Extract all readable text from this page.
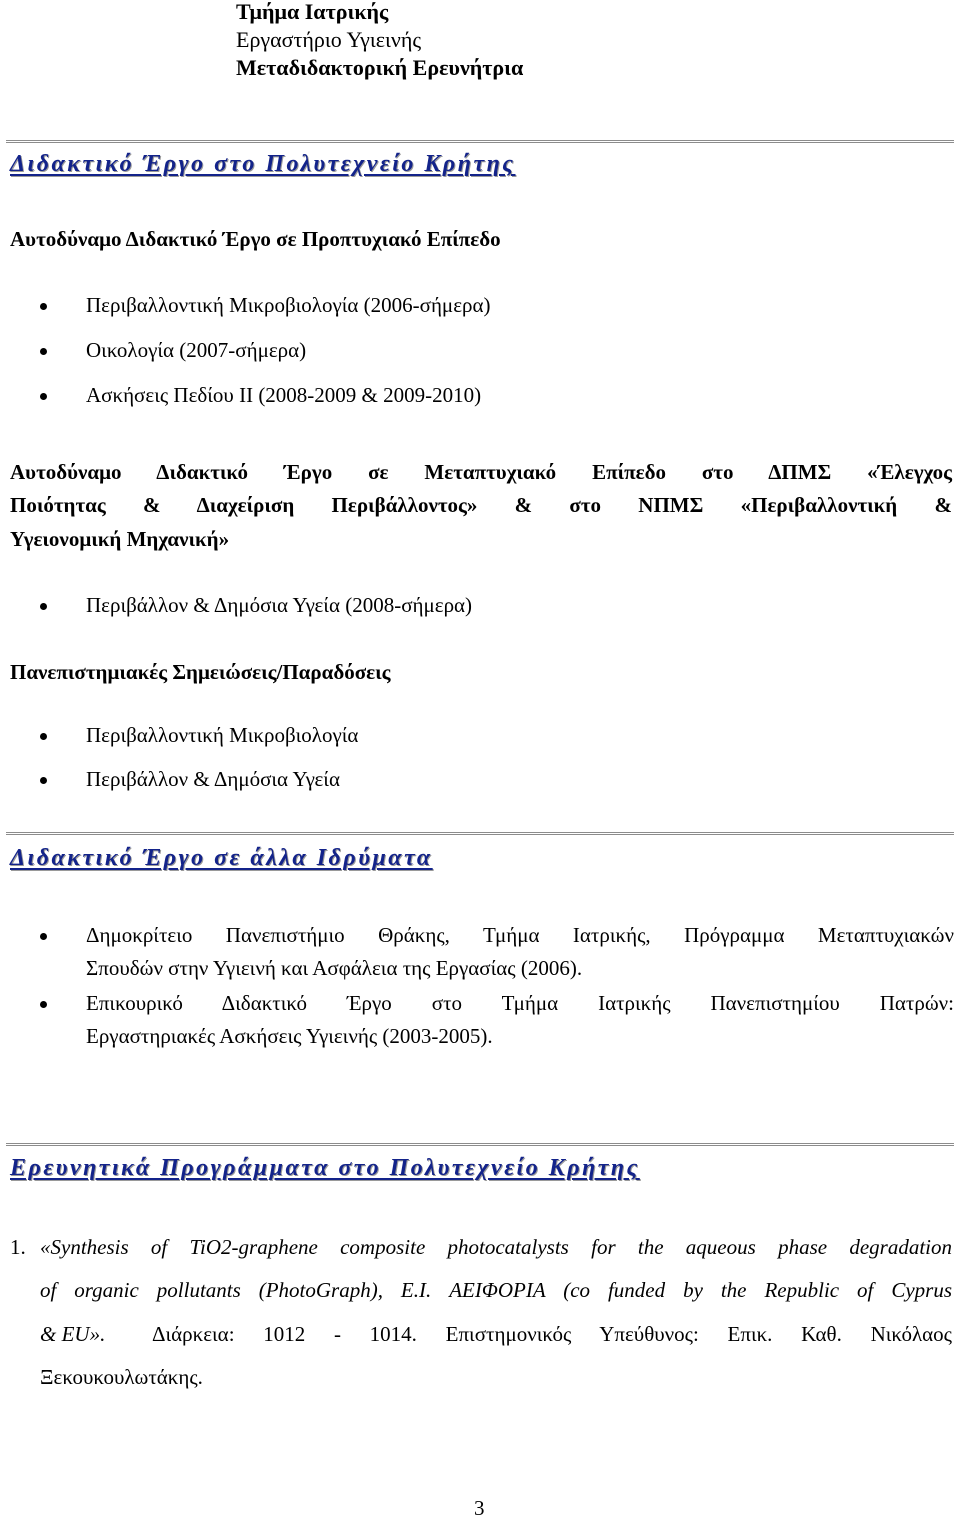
Τμήμα Ιατρικής
Εργαστήριο Υγιεινής
Μεταδιδακτορική Ερευνήτρια
Διδακτικό Έργο στο Πολυτεχνείο Κρήτης
Αυτοδύναμο Διδακτικό Έργο σε Προπτυχιακό Επίπεδο
Περιβαλλοντική Μικροβιολογία (2006-σήμερα)
Οικολογία (2007-σήμερα)
Ασκήσεις Πεδίου ΙΙ (2008-2009 & 2009-2010)
Αυτοδύναμο Διδακτικό Έργο σε Μεταπτυχιακό Επίπεδο στο ΔΠΜΣ «Έλεγχος
Ποιότητας & Διαχείριση Περιβάλλοντος» & στο ΝΠΜΣ «Περιβαλλοντική &
Υγειονομική Μηχανική»
Περιβάλλον & Δημόσια Υγεία (2008-σήμερα)
Πανεπιστημιακές Σημειώσεις/Παραδόσεις
Περιβαλλοντική Μικροβιολογία
Περιβάλλον & Δημόσια Υγεία
Διδακτικό Έργο σε άλλα Ιδρύματα
Δημοκρίτειο Πανεπιστήμιο Θράκης, Τμήμα Ιατρικής, Πρόγραμμα Μεταπτυχιακών
Σπουδών στην Υγιεινή και Ασφάλεια της Εργασίας (2006).
Επικουρικό Διδακτικό Έργο στο Τμήμα Ιατρικής Πανεπιστημίου Πατρών:
Εργαστηριακές Ασκήσεις Υγιεινής (2003-2005).
Ερευνητικά Προγράμματα στο Πολυτεχνείο Κρήτης
1. «Synthesis of TiO2-graphene composite photocatalysts for the aqueous phase degradation
of organic pollutants (PhotoGraph), E.I. ΑΕΙΦΟΡΙΑ (co funded by the Republic of Cyprus
& EU». Διάρκεια: 1012 - 1014. Επιστημονικός Υπεύθυνος: Επικ. Καθ. Νικόλαος
Ξεκουκουλωτάκης.
3
